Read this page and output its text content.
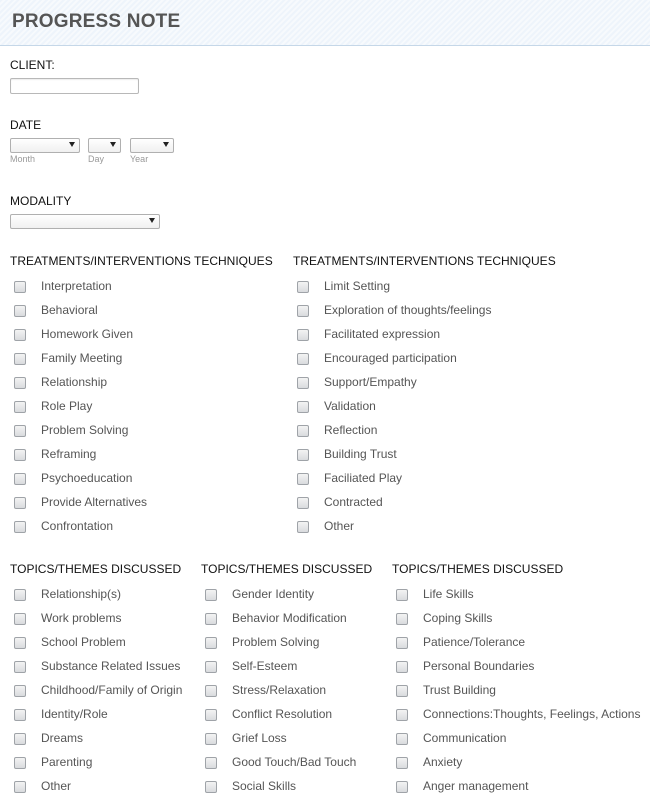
PROGRESS NOTE
CLIENT:
DATE
Month	Day	Year
MODALITY
TREATMENTS/INTERVENTIONS TECHNIQUES TREATMENTS/INTERVENTIONS TECHNIQUES
Interpretation
Behavioral
Homework Given
Family Meeting
Relationship
Role Play
Problem Solving
Reframing
Psychoeducation
Provide Alternatives
Confrontation
Limit Setting
Exploration of thoughts/feelings
Facilitated expression
Encouraged participation
Support/Empathy
Validation
Reflection
Building Trust
Faciliated Play
Contracted
Other
TOPICS/THEMES DISCUSSED TOPICS/THEMES DISCUSSED TOPICS/THEMES DISCUSSED
Relationship(s)
Work problems
School Problem
Substance Related Issues
Childhood/Family of Origin
Identity/Role
Dreams
Parenting
Other
Gender Identity
Behavior Modification
Problem Solving
Self-Esteem
Stress/Relaxation
Conflict Resolution
Grief Loss
Good Touch/Bad Touch
Social Skills
Life Skills
Coping Skills
Patience/Tolerance
Personal Boundaries
Trust Building
Connections:Thoughts, Feelings, Actions
Communication
Anxiety
Anger management
